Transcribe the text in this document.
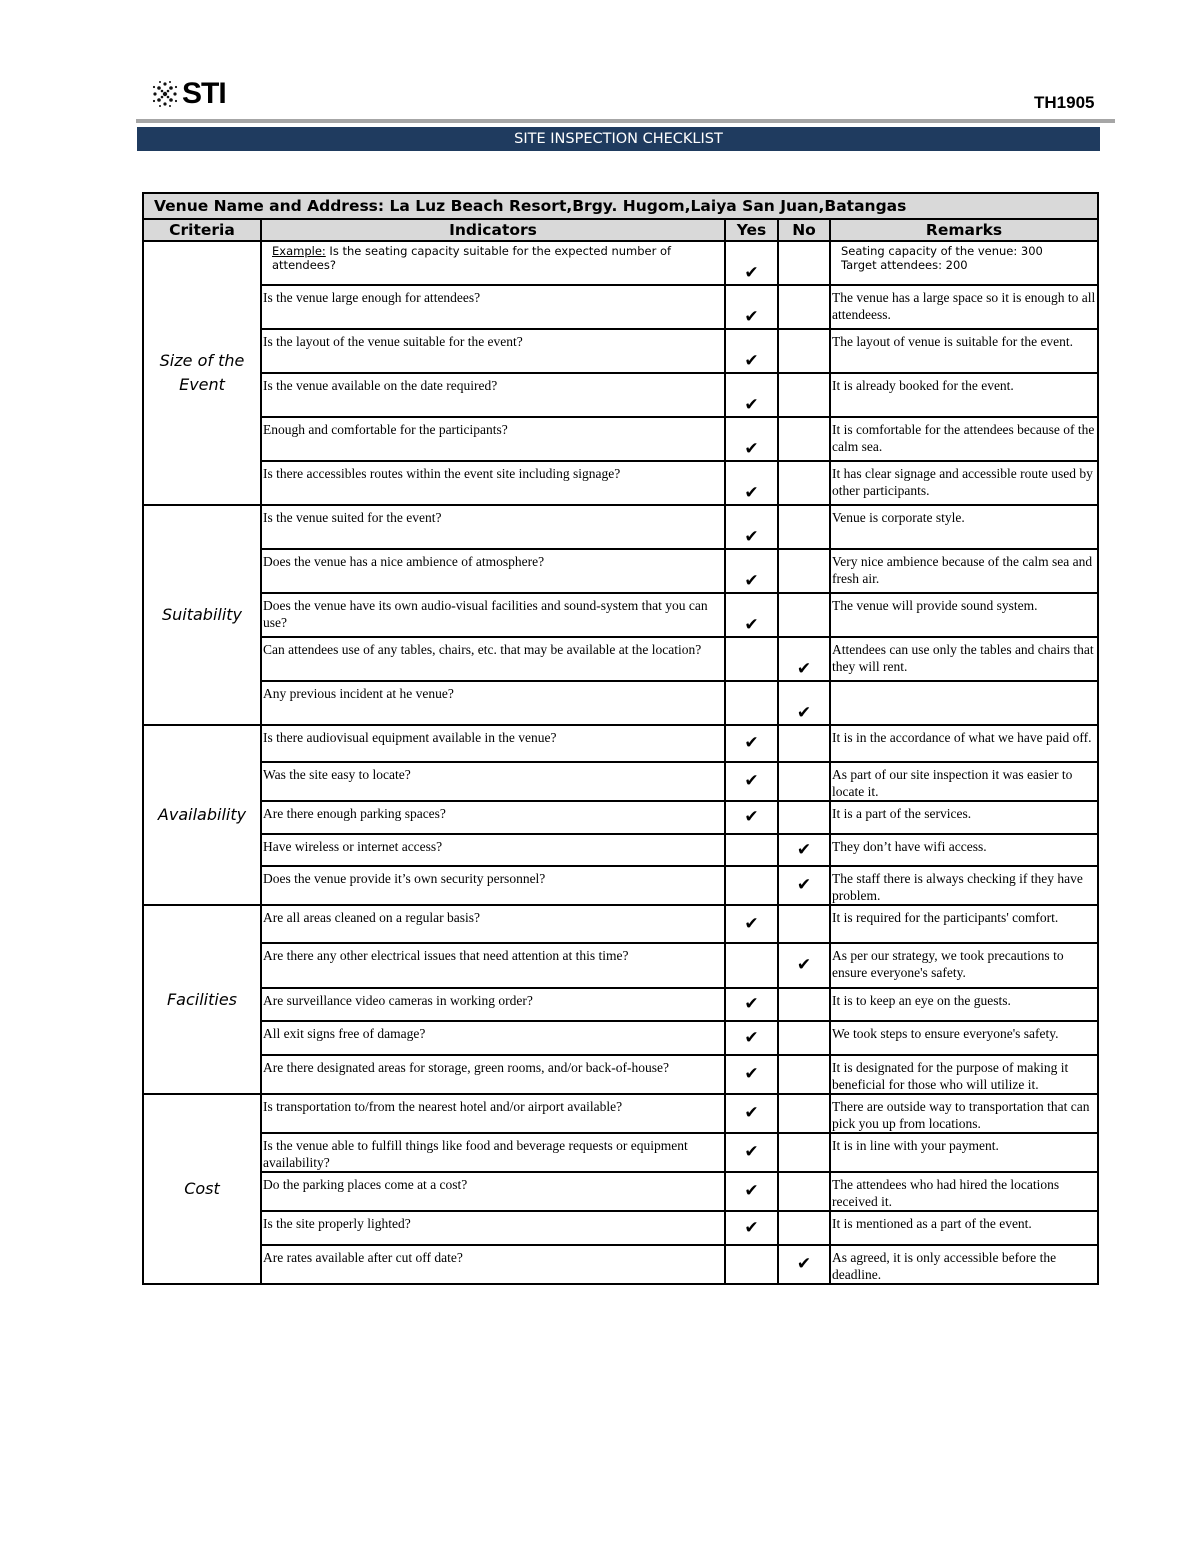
STI	TH1905
SITE INSPECTION CHECKLIST
Venue Name and Address: La Luz Beach Resort,Brgy. Hugom,Laiya San Juan,Batangas				
Criteria	Indicators	Yes	No	Remarks
Size of the Event	Example: Is the seating capacity suitable for the expected number of attendees?	✔		Seating capacity of the venue: 300
Target attendees: 200

	Is the venue large enough for attendees?	✔		The venue has a large space so it is enough to all attendeess.
	Is the layout of the venue suitable for the event?	✔		The layout of venue is suitable for the event.
	Is the venue available on the date required?	✔		It is already booked for the event.
	Enough and comfortable for the participants?	✔		It is comfortable for the attendees because of the calm sea.
	Is there accessibles routes within the event site including signage?	✔		It has clear signage and accessible route used by other participants.
Suitability	Is the venue suited for the event?	✔		Venue is corporate style.
	Does the venue has a nice ambience of atmosphere?	✔		Very nice ambience because of the calm sea and fresh air.
	Does the venue have its own audio-visual facilities and sound-system that you can use?	✔		The venue will provide sound system.
	Can attendees use of any tables, chairs, etc. that may be available at the location?		✔	Attendees can use only the tables and chairs that they will rent.
	Any previous incident at he venue?		✔	

Availability	Is there audiovisual equipment available in the venue?	✔		It is in the accordance of what we have paid off.
	Was the site easy to locate?	✔		As part of our site inspection it was easier to locate it.
	Are there enough parking spaces?	✔		It is a part of the services.
	Have wireless or internet access?		✔	They don’t have wifi access.
	Does the venue provide it’s own security personnel?		✔	The staff there is always checking if they have problem.
Facilities	Are all areas cleaned on a regular basis?	✔		It is required for the participants' comfort.
	Are there any other electrical issues that need attention at this time?		✔	As per our strategy, we took precautions to ensure everyone's safety.
	Are surveillance video cameras in working order?	✔		It is to keep an eye on the guests.
	All exit signs free of damage?	✔		We took steps to ensure everyone's safety.
	Are there designated areas for storage, green rooms, and/or back-of-house?	✔		It is designated for the purpose of making it beneficial for those who will utilize it.
Cost	Is transportation to/from the nearest hotel and/or airport available?	✔		There are outside way to transportation that can pick you up from locations.
	Is the venue able to fulfill things like food and beverage requests or equipment availability?	✔		It is in line with your payment.
	Do the parking places come at a cost?	✔		The attendees who had hired the locations received it.
	Is the site properly lighted?	✔		It is mentioned as a part of the event.
	Are rates available after cut off date?		✔	As agreed, it is only accessible before the deadline.
